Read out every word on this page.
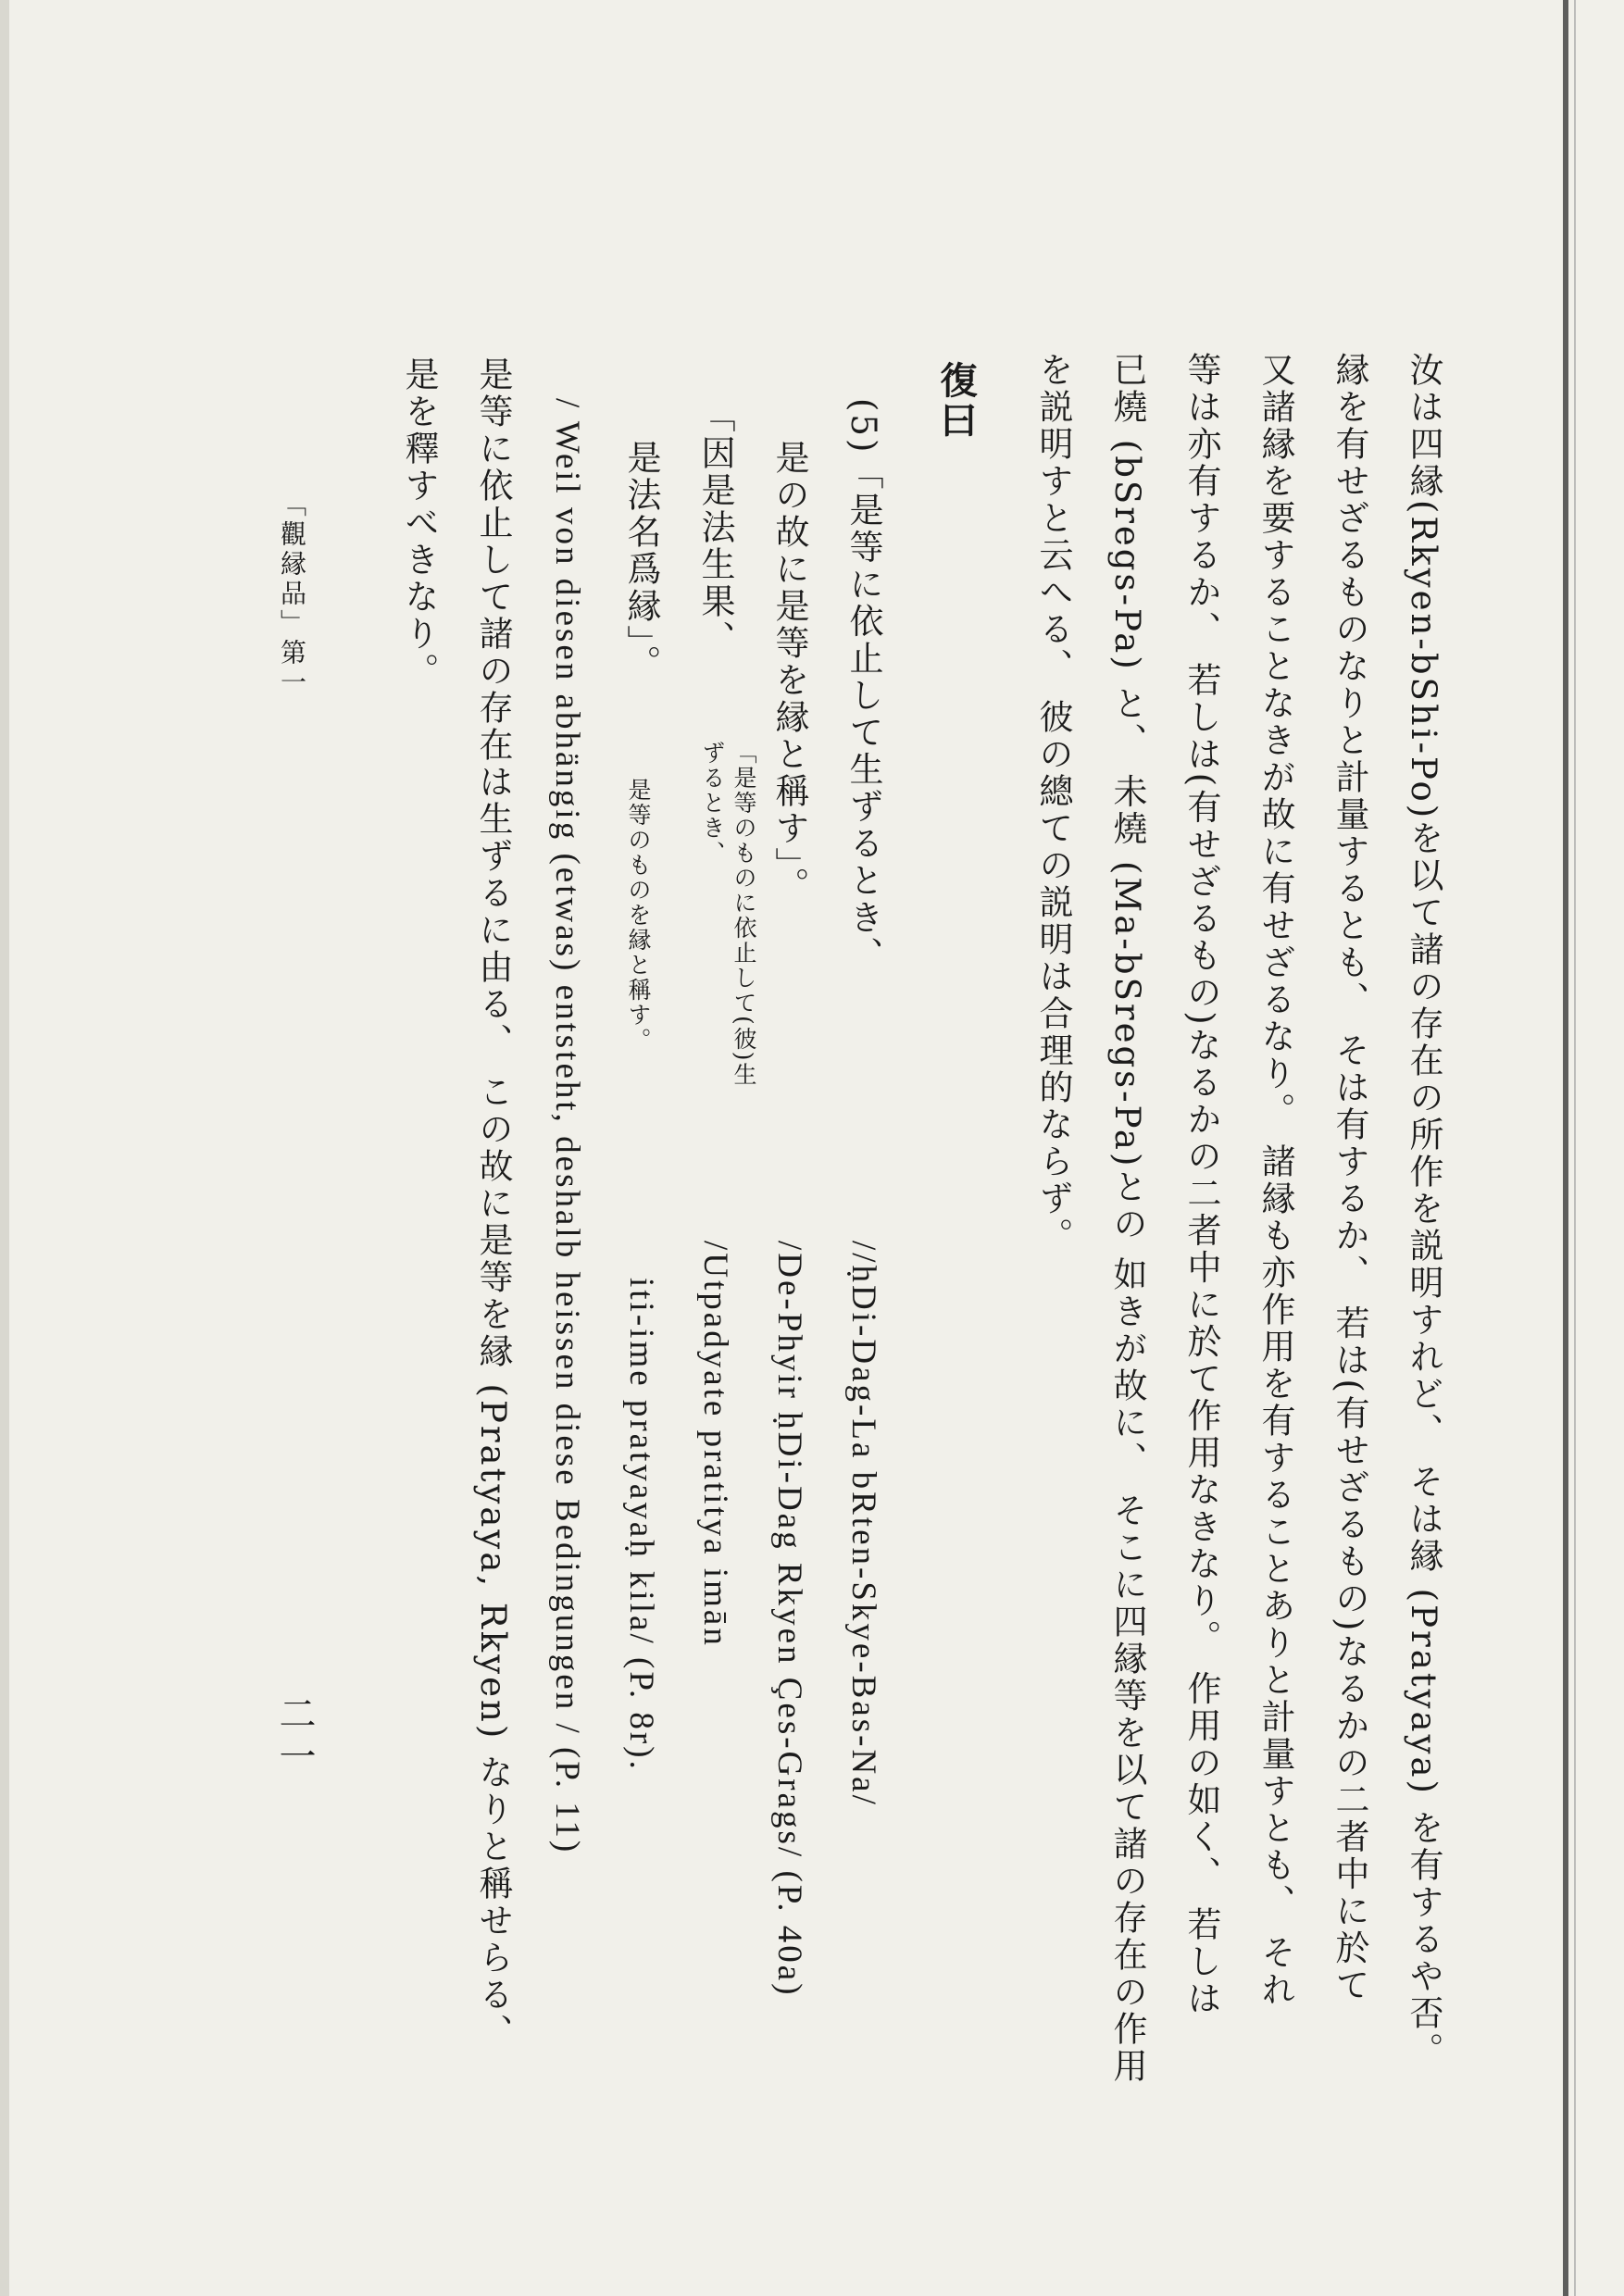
汝は四縁(Rkyen-bShi-Po)を以て諸の存在の所作を説明すれど、 そは縁 (Pratyaya) を有するや否。
縁を有せざるものなりと計量するとも、 そは有するか、 若は(有せざるもの)なるかの二者中に於て
又諸縁を要することなきが故に有せざるなり。 諸縁も亦作用を有することありと計量すとも、 それ
等は亦有するか、 若しは(有せざるもの)なるかの二者中に於て作用なきなり。 作用の如く、 若しは
已燒 (bSregs-Pa) と、 未燒 (Ma-bSregs-Pa)との 如きが故に、 そこに四縁等を以て諸の存在の作用
を説明すと云へる、 彼の總ての説明は合理的ならず。
復曰
(5)「是等に依止して生ずるとき、
//ḥDi-Dag-La bRten-Skye-Bas-Na/
是の故に是等を縁と稱す」。
/De-Phyir ḥDi-Dag Rkyen Çes-Grags/ (P. 40a)
「因是法生果、
「是等のものに依止して(彼)生ずるとき、
/Utpadyate pratitya imān
是法名爲縁」。
是等のものを縁と稱す。
iti-ime pratyayaḥ kila/ (P. 8r).
/ Weil von diesen abhängig (etwas) entsteht, deshalb heissen diese Bedingungen / (P. 11)
是等に依止して諸の存在は生ずるに由る、 この故に是等を縁 (Pratyaya, Rkyen) なりと稱せらる、
是を釋すべきなり。
「觀縁品」第一
二一
